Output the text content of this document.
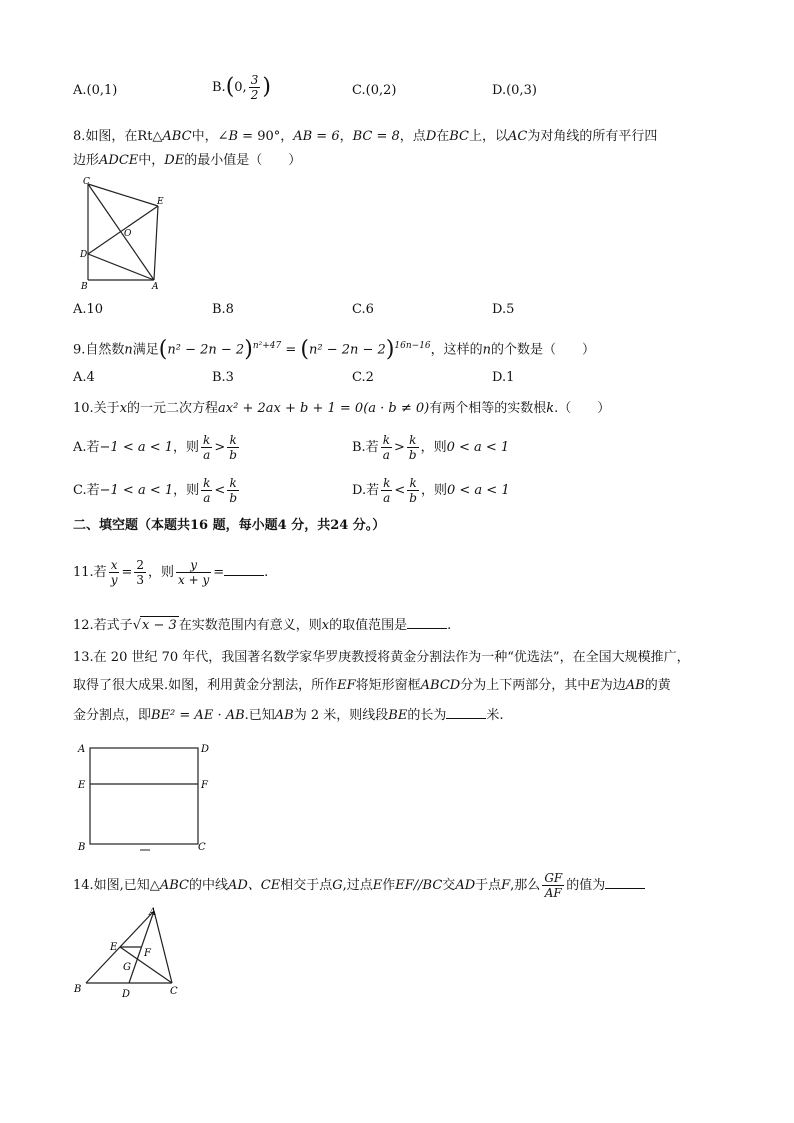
A.(0,1)	B.(0, $\frac{3}{2}$ )	C.(0,2)	D.(0,3)
8.如图，在Rt△ABC中，∠B = 90°，AB = 6，BC = 8，点D在BC上，以AC为对角线的所有平行四
边形ADCE中，DE的最小值是（　　）
C
E
O
D
B	A
A.10	B.8	C.6	D.5
9.自然数n满足$(n^2 - 2n - 2)^{n^2+47} = (n^2 - 2n - 2)^{16n-16}$，这样的n的个数是（　　）
A.4	B.3	C.2	D.1
10.关于x的一元二次方程ax² + 2ax + b + 1 = 0(a · b ≠ 0)有两个相等的实数根k.（　　）
A.若−1 < a < 1，则 $\frac{k}{a} > \frac{k}{b}$	B.若 $\frac{k}{a} > \frac{k}{b}$ ，则0 < a < 1
C.若−1 < a < 1，则 $\frac{k}{a} < \frac{k}{b}$	D.若 $\frac{k}{a} < \frac{k}{b}$ ，则0 < a < 1
二、填空题（本题共16 题，每小题4 分，共24 分。）
11.若 $\frac{x}{y} = \frac{2}{3}$ ，则 $\frac{y}{x + y}$ =	.
12.若式子√x − 3 在实数范围内有意义，则x的取值范围是	.
13.在 20 世纪 70 年代，我国著名数学家华罗庚教授将黄金分割法作为一种“优选法”，在全国大规模推广，
取得了很大成果.如图，利用黄金分割法，所作EF将矩形窗框ABCD分为上下两部分，其中E为边AB的黄
金分割点，即BE² = AE · AB.已知AB为 2 米，则线段BE的长为	米.
A	D
E	F
B	C
14.如图,已知△ABC的中线AD、CE相交于点G,过点E作EF//BC交AD于点F,那么 $\frac{GF}{AF}$ 的值为
A
E
F
G
B	D	C
